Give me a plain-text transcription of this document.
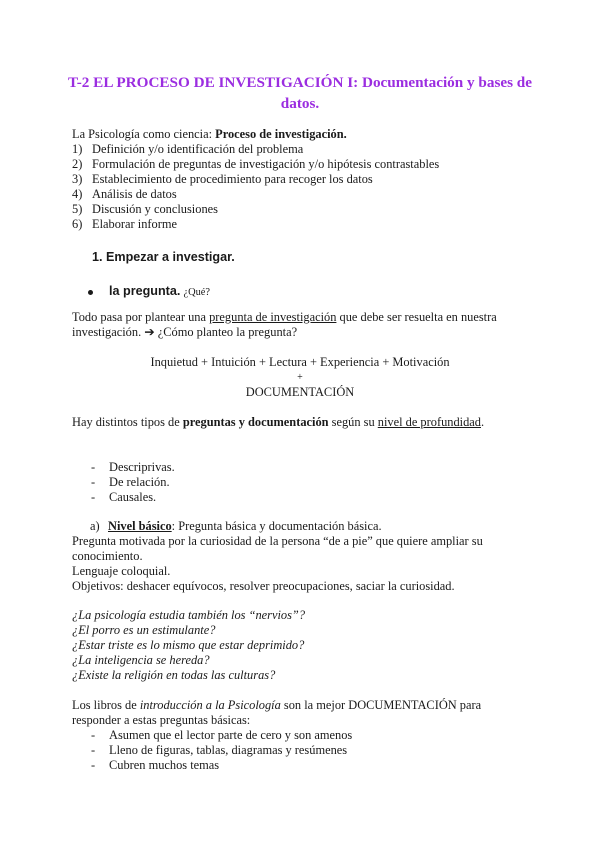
T-2 EL PROCESO DE INVESTIGACIÓN I: Documentación y bases de datos.

La Psicología como ciencia: Proceso de investigación.

1) Definición y/o identificación del problema
2) Formulación de preguntas de investigación y/o hipótesis contrastables
3) Establecimiento de procedimiento para recoger los datos
4) Análisis de datos
5) Discusión y conclusiones
6) Elaborar informe
1. Empezar a investigar.
la pregunta. ¿Qué?

Todo pasa por plantear una pregunta de investigación que debe ser resuelta en nuestra investigación. ➔ ¿Cómo planteo la pregunta?

Inquietud + Intuición + Lectura + Experiencia + Motivación
+
DOCUMENTACIÓN

Hay distintos tipos de preguntas y documentación según su nivel de profundidad.

- Descriprivas.
- De relación.
- Causales.
a) Nivel básico: Pregunta básica y documentación básica.

Pregunta motivada por la curiosidad de la persona “de a pie” que quiere ampliar su conocimiento.

Lenguaje coloquial.

Objetivos: deshacer equívocos, resolver preocupaciones, saciar la curiosidad.

¿La psicología estudia también los “nervios”?

¿El porro es un estimulante?

¿Estar triste es lo mismo que estar deprimido?

¿La inteligencia se hereda?

¿Existe la religión en todas las culturas?

Los libros de introducción a la Psicología son la mejor DOCUMENTACIÓN para responder a estas preguntas básicas:

- Asumen que el lector parte de cero y son amenos
- Lleno de figuras, tablas, diagramas y resúmenes
- Cubren muchos temas
